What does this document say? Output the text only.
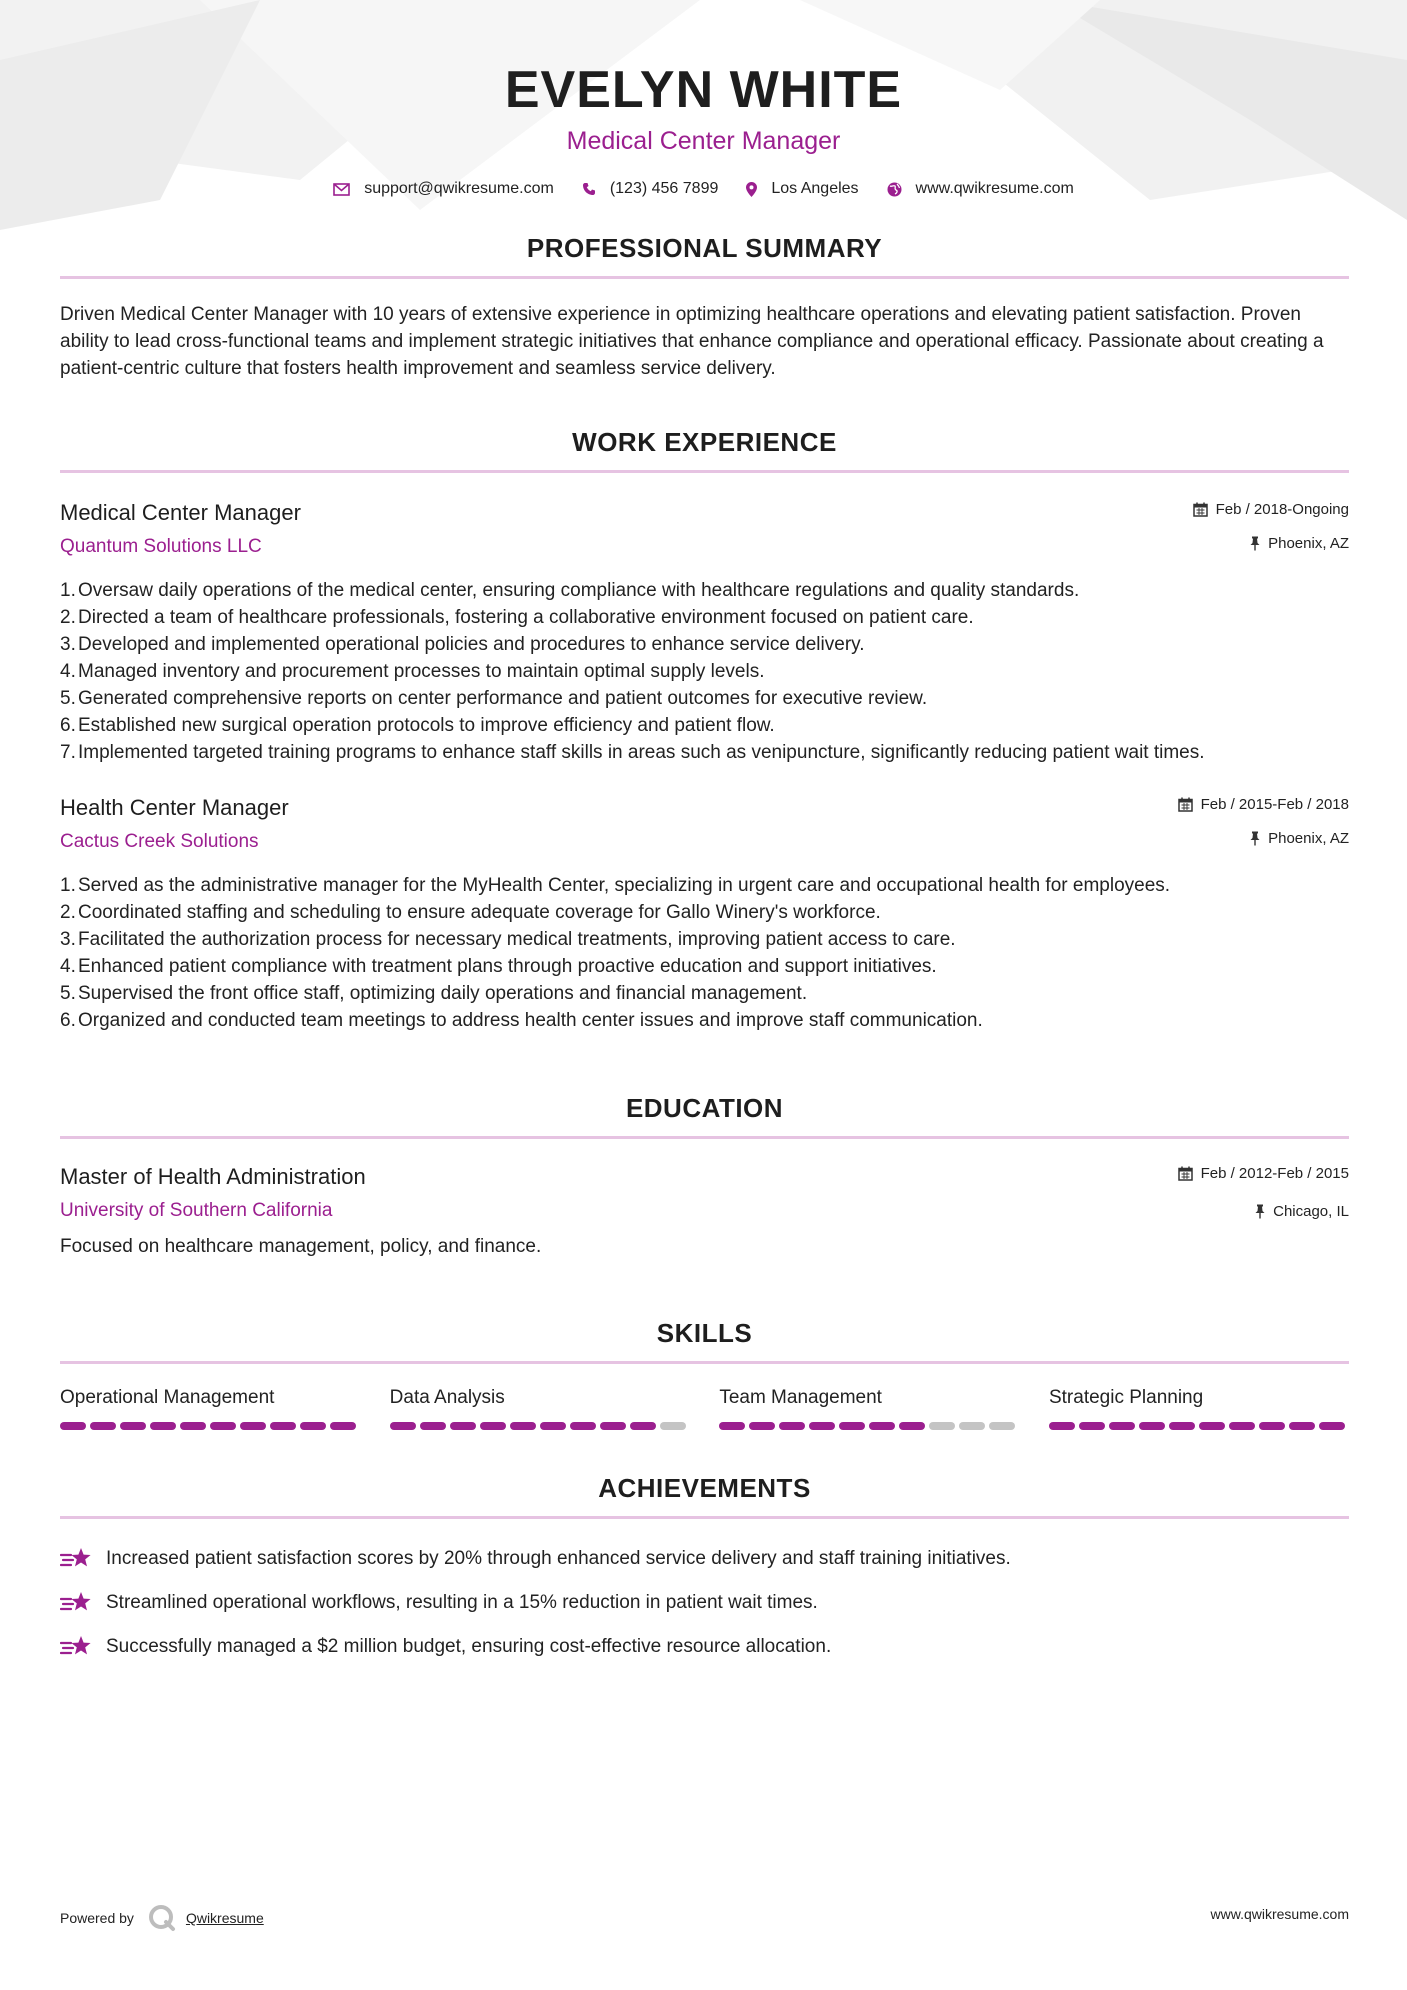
EVELYN WHITE
Medical Center Manager
support@qwikresume.com	(123) 456 7899	Los Angeles	www.qwikresume.com
PROFESSIONAL SUMMARY

Driven Medical Center Manager with 10 years of extensive experience in optimizing healthcare operations and elevating patient satisfaction. Proven ability to lead cross-functional teams and implement strategic initiatives that enhance compliance and operational efficacy. Passionate about creating a patient-centric culture that fosters health improvement and seamless service delivery.

WORK EXPERIENCE
Medical Center Manager
Quantum Solutions LLC
Feb / 2018-Ongoing
Phoenix, AZ
1. Oversaw daily operations of the medical center, ensuring compliance with healthcare regulations and quality standards.
2. Directed a team of healthcare professionals, fostering a collaborative environment focused on patient care.
3. Developed and implemented operational policies and procedures to enhance service delivery.
4. Managed inventory and procurement processes to maintain optimal supply levels.
5. Generated comprehensive reports on center performance and patient outcomes for executive review.
6. Established new surgical operation protocols to improve efficiency and patient flow.
7. Implemented targeted training programs to enhance staff skills in areas such as venipuncture, significantly reducing patient wait times.
Health Center Manager
Cactus Creek Solutions
Feb / 2015-Feb / 2018
Phoenix, AZ
1. Served as the administrative manager for the MyHealth Center, specializing in urgent care and occupational health for employees.
2. Coordinated staffing and scheduling to ensure adequate coverage for Gallo Winery's workforce.
3. Facilitated the authorization process for necessary medical treatments, improving patient access to care.
4. Enhanced patient compliance with treatment plans through proactive education and support initiatives.
5. Supervised the front office staff, optimizing daily operations and financial management.
6. Organized and conducted team meetings to address health center issues and improve staff communication.
EDUCATION
Master of Health Administration
University of Southern California
Feb / 2012-Feb / 2015
Chicago, IL

Focused on healthcare management, policy, and finance.

SKILLS
Operational Management	Data Analysis	Team Management	Strategic Planning
ACHIEVEMENTS
Increased patient satisfaction scores by 20% through enhanced service delivery and staff training initiatives.
Streamlined operational workflows, resulting in a 15% reduction in patient wait times.
Successfully managed a $2 million budget, ensuring cost-effective resource allocation.
Powered by	Qwikresume	www.qwikresume.com
